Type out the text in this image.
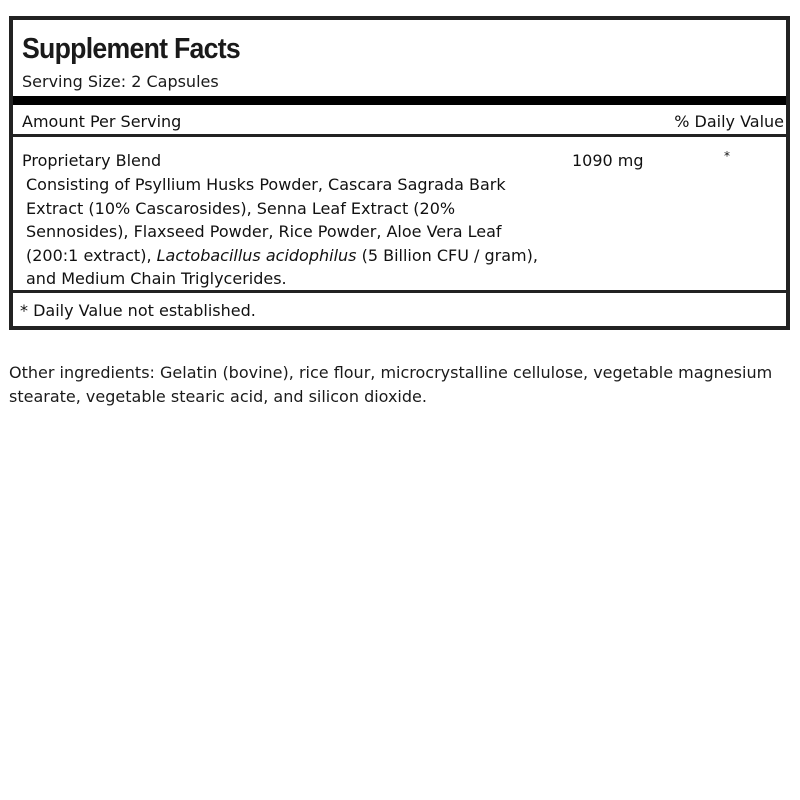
Supplement Facts
Serving Size: 2 Capsules
Amount Per Serving	% Daily Value
Proprietary Blend	1090 mg	*
Consisting of Psyllium Husks Powder, Cascara Sagrada Bark Extract (10% Cascarosides), Senna Leaf Extract (20% Sennosides), Flaxseed Powder, Rice Powder, Aloe Vera Leaf (200:1 extract), Lactobacillus acidophilus (5 Billion CFU / gram), and Medium Chain Triglycerides.
* Daily Value not established.
Other ingredients: Gelatin (bovine), rice flour, microcrystalline cellulose, vegetable magnesium stearate, vegetable stearic acid, and silicon dioxide.
